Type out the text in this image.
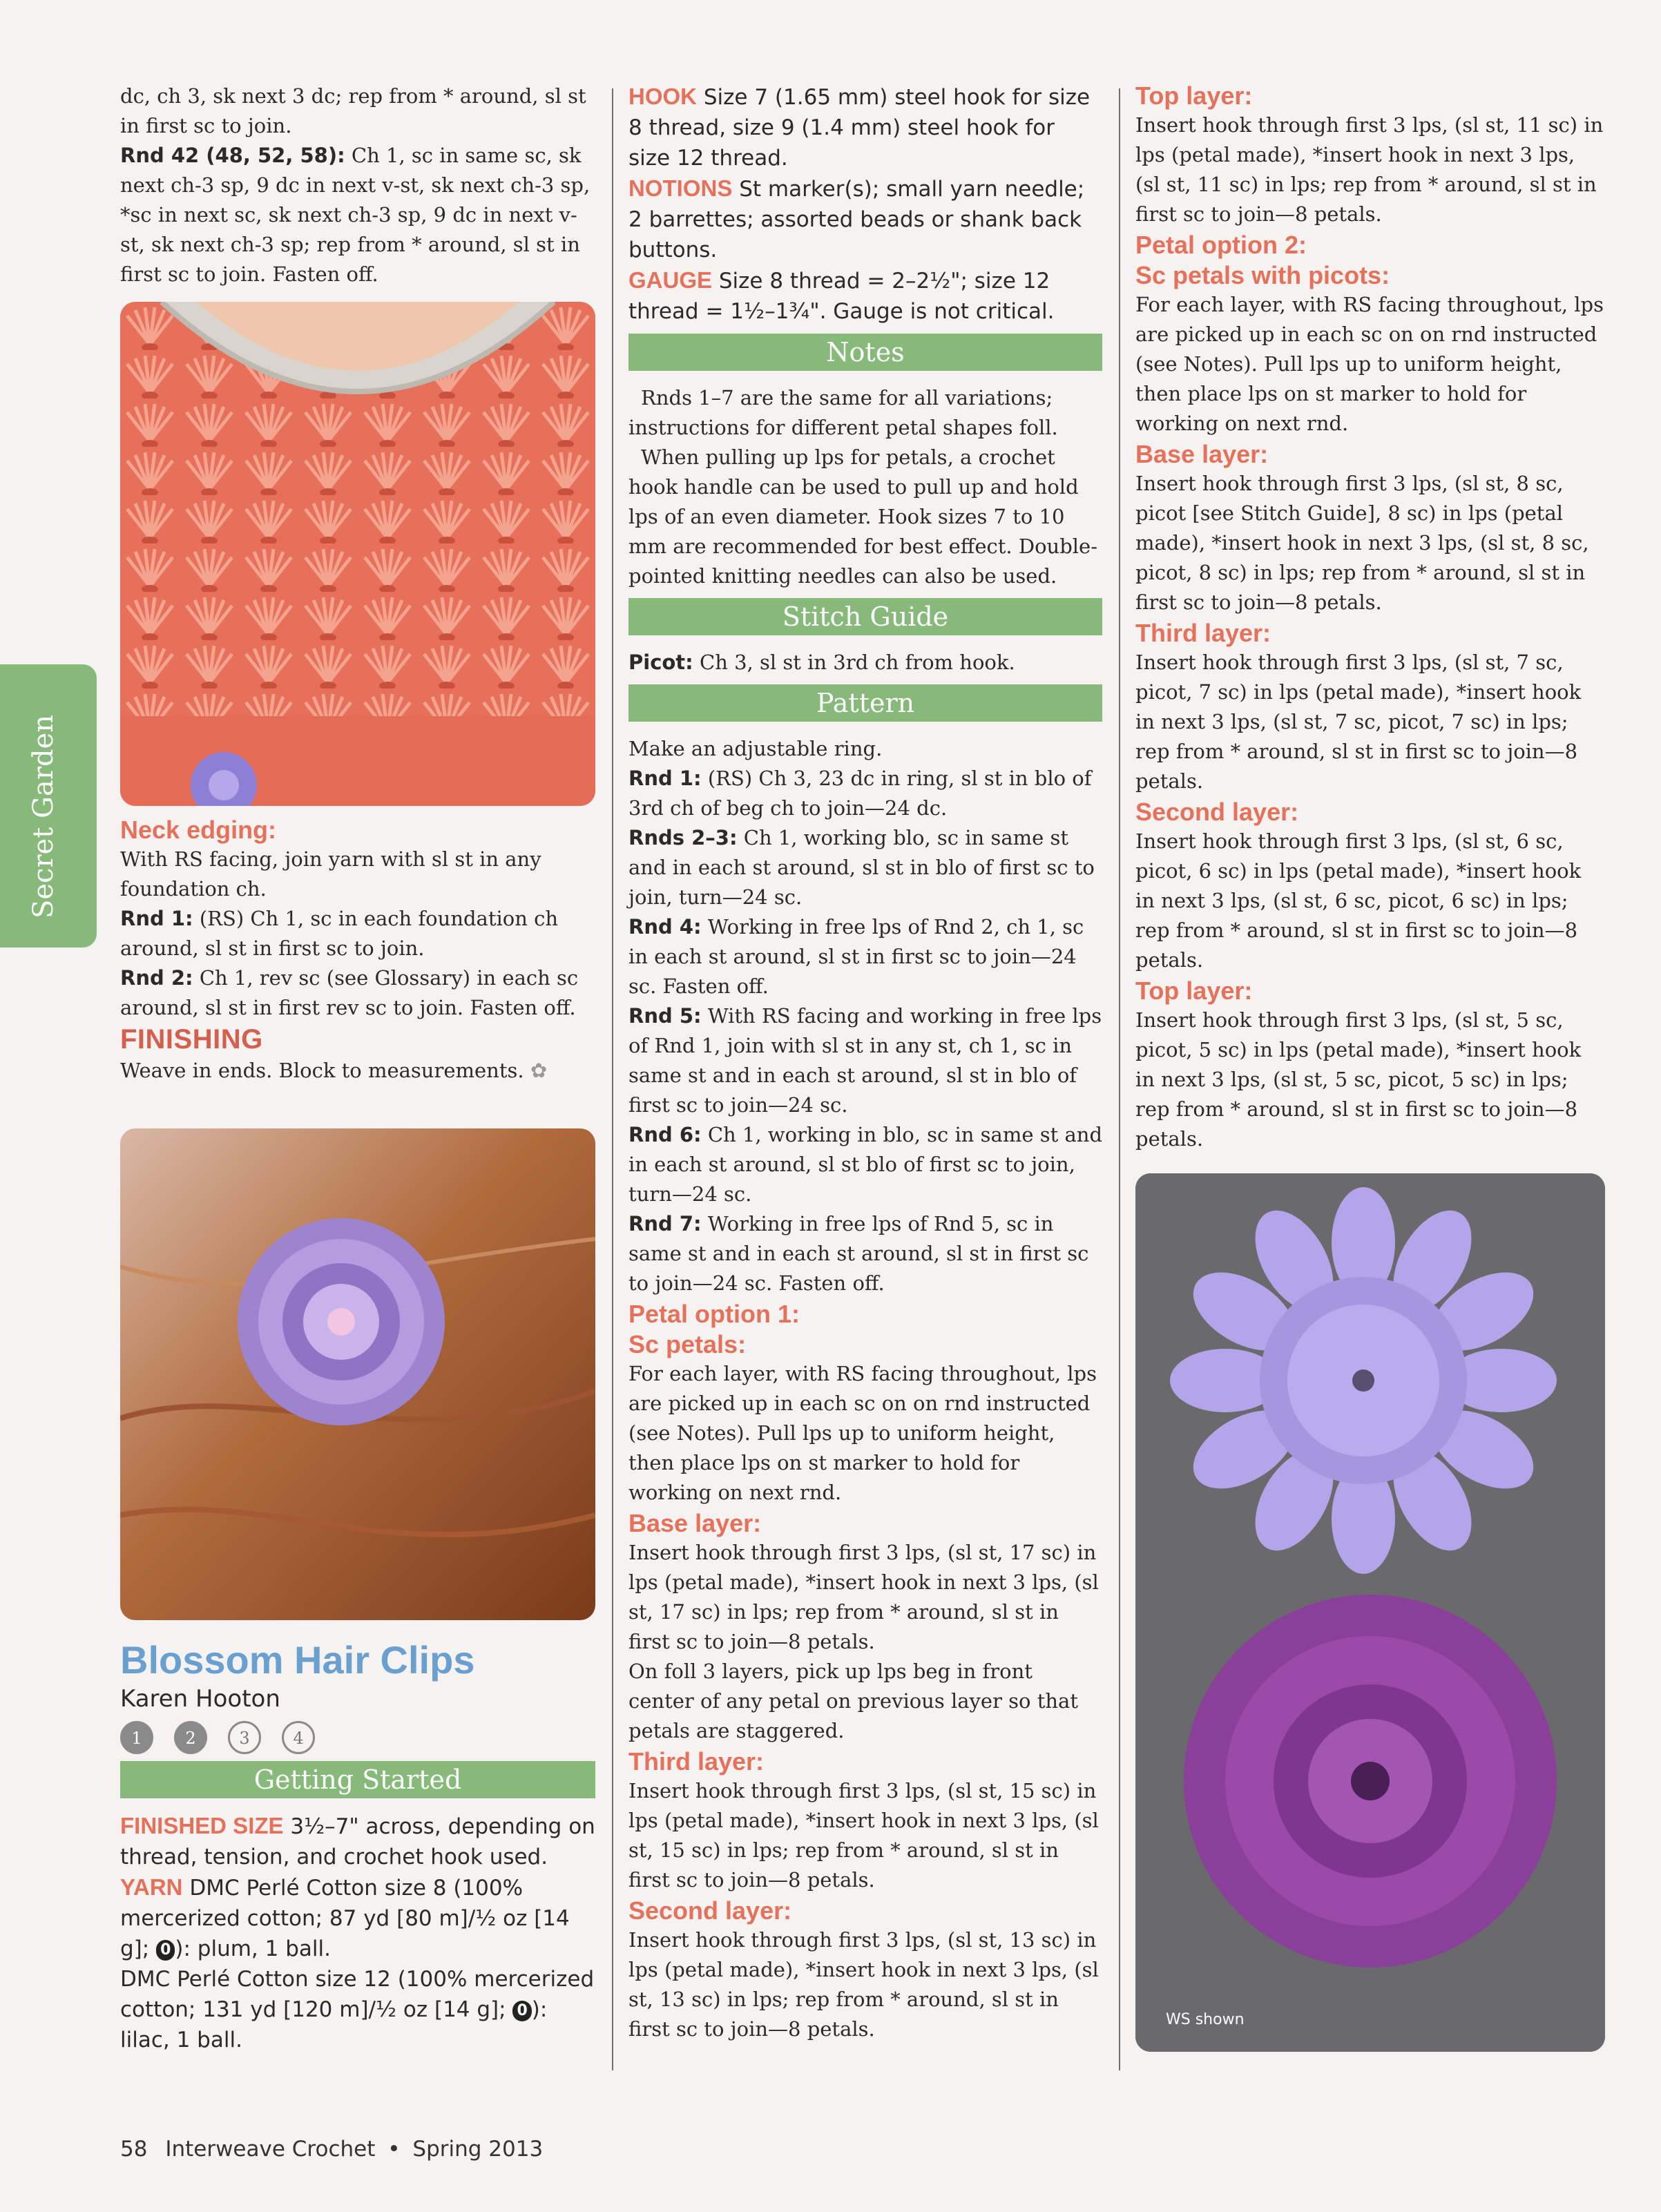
Secret Garden

dc, ch 3, sk next 3 dc; rep from * around, sl st in first sc to join.

Rnd 42 (48, 52, 58): Ch 1, sc in same sc, sk next ch-3 sp, 9 dc in next v-st, sk next ch-3 sp, *sc in next sc, sk next ch-3 sp, 9 dc in next v-st, sk next ch-3 sp; rep from * around, sl st in first sc to join. Fasten off.

Neck edging:

With RS facing, join yarn with sl st in any foundation ch.

Rnd 1: (RS) Ch 1, sc in each foundation ch around, sl st in first sc to join.

Rnd 2: Ch 1, rev sc (see Glossary) in each sc around, sl st in first rev sc to join. Fasten off.

FINISHING

Weave in ends. Block to measurements. ✿

Blossom Hair Clips

Karen Hooton

1	2	3	4
Getting Started

FINISHED SIZE 3½–7" across, depending on thread, tension, and crochet hook used.

YARN DMC Perlé Cotton size 8 (100% mercerized cotton; 87 yd [80 m]/½ oz [14 g]; 0 ): plum, 1 ball.

DMC Perlé Cotton size 12 (100% mercerized cotton; 131 yd [120 m]/½ oz [14 g]; 0 ): lilac, 1 ball.

HOOK Size 7 (1.65 mm) steel hook for size 8 thread, size 9 (1.4 mm) steel hook for size 12 thread.

NOTIONS St marker(s); small yarn needle; 2 barrettes; assorted beads or shank back buttons.

GAUGE Size 8 thread = 2–2½"; size 12 thread = 1½–1¾". Gauge is not critical.

Notes

Rnds 1–7 are the same for all variations; instructions for different petal shapes foll.

When pulling up lps for petals, a crochet hook handle can be used to pull up and hold lps of an even diameter. Hook sizes 7 to 10 mm are recommended for best effect. Double-pointed knitting needles can also be used.

Stitch Guide

Picot: Ch 3, sl st in 3rd ch from hook.

Pattern

Make an adjustable ring.

Rnd 1: (RS) Ch 3, 23 dc in ring, sl st in blo of 3rd ch of beg ch to join—24 dc.

Rnds 2–3: Ch 1, working blo, sc in same st and in each st around, sl st in blo of first sc to join, turn—24 sc.

Rnd 4: Working in free lps of Rnd 2, ch 1, sc in each st around, sl st in first sc to join—24 sc. Fasten off.

Rnd 5: With RS facing and working in free lps of Rnd 1, join with sl st in any st, ch 1, sc in same st and in each st around, sl st in blo of first sc to join—24 sc.

Rnd 6: Ch 1, working in blo, sc in same st and in each st around, sl st blo of first sc to join, turn—24 sc.

Rnd 7: Working in free lps of Rnd 5, sc in same st and in each st around, sl st in first sc to join—24 sc. Fasten off.

Petal option 1:

Sc petals:

For each layer, with RS facing throughout, lps are picked up in each sc on on rnd instructed (see Notes). Pull lps up to uniform height, then place lps on st marker to hold for working on next rnd.

Base layer:

Insert hook through first 3 lps, (sl st, 17 sc) in lps (petal made), *insert hook in next 3 lps, (sl st, 17 sc) in lps; rep from * around, sl st in first sc to join—8 petals.

On foll 3 layers, pick up lps beg in front center of any petal on previous layer so that petals are staggered.

Third layer:

Insert hook through first 3 lps, (sl st, 15 sc) in lps (petal made), *insert hook in next 3 lps, (sl st, 15 sc) in lps; rep from * around, sl st in first sc to join—8 petals.

Second layer:

Insert hook through first 3 lps, (sl st, 13 sc) in lps (petal made), *insert hook in next 3 lps, (sl st, 13 sc) in lps; rep from * around, sl st in first sc to join—8 petals.

Top layer:

Insert hook through first 3 lps, (sl st, 11 sc) in lps (petal made), *insert hook in next 3 lps, (sl st, 11 sc) in lps; rep from * around, sl st in first sc to join—8 petals.

Petal option 2:

Sc petals with picots:

For each layer, with RS facing throughout, lps are picked up in each sc on on rnd instructed (see Notes). Pull lps up to uniform height, then place lps on st marker to hold for working on next rnd.

Base layer:

Insert hook through first 3 lps, (sl st, 8 sc, picot [see Stitch Guide], 8 sc) in lps (petal made), *insert hook in next 3 lps, (sl st, 8 sc, picot, 8 sc) in lps; rep from * around, sl st in first sc to join—8 petals.

Third layer:

Insert hook through first 3 lps, (sl st, 7 sc, picot, 7 sc) in lps (petal made), *insert hook in next 3 lps, (sl st, 7 sc, picot, 7 sc) in lps; rep from * around, sl st in first sc to join—8 petals.

Second layer:

Insert hook through first 3 lps, (sl st, 6 sc, picot, 6 sc) in lps (petal made), *insert hook in next 3 lps, (sl st, 6 sc, picot, 6 sc) in lps; rep from * around, sl st in first sc to join—8 petals.

Top layer:

Insert hook through first 3 lps, (sl st, 5 sc, picot, 5 sc) in lps (petal made), *insert hook in next 3 lps, (sl st, 5 sc, picot, 5 sc) in lps; rep from * around, sl st in first sc to join—8 petals.

WS shown
58 Interweave Crochet • Spring 2013
